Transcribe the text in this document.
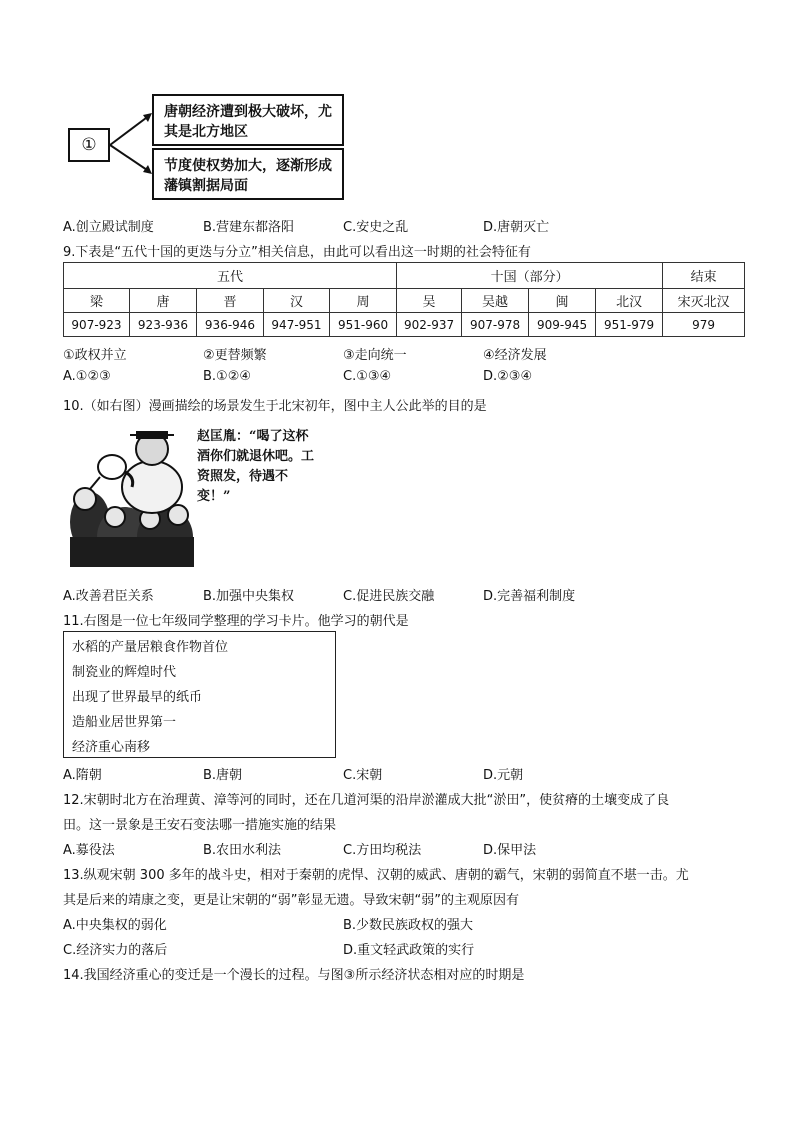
①
唐朝经济遭到极大破坏，尤其是北方地区
节度使权势加大，逐渐形成藩镇割据局面
A.创立殿试制度	B.营建东都洛阳	C.安史之乱	D.唐朝灭亡
9.下表是“五代十国的更迭与分立”相关信息，由此可以看出这一时期的社会特征有
五代					十国（部分）				结束
梁	唐	晋	汉	周	吴	吴越	闽	北汉	宋灭北汉
907-923	923-936	936-946	947-951	951-960	902-937	907-978	909-945	951-979	979
①政权并立	②更替频繁	③走向统一	④经济发展
A.①②③	B.①②④	C.①③④	D.②③④
10.（如右图）漫画描绘的场景发生于北宋初年，图中主人公此举的目的是
赵匡胤：“喝了这杯酒你们就退休吧。工资照发，待遇不变！”
A.改善君臣关系	B.加强中央集权	C.促进民族交融	D.完善福利制度
11.右图是一位七年级同学整理的学习卡片。他学习的朝代是
水稻的产量居粮食作物首位
制瓷业的辉煌时代
出现了世界最早的纸币
造船业居世界第一
经济重心南移
A.隋朝	B.唐朝	C.宋朝	D.元朝
12.宋朝时北方在治理黄、漳等河的同时，还在几道河渠的沿岸淤灌成大批“淤田”，使贫瘠的土壤变成了良
田。这一景象是王安石变法哪一措施实施的结果
A.募役法	B.农田水利法	C.方田均税法	D.保甲法
13.纵观宋朝 300 多年的战斗史，相对于秦朝的虎悍、汉朝的威武、唐朝的霸气，宋朝的弱简直不堪一击。尤
其是后来的靖康之变，更是让宋朝的“弱”彰显无遗。导致宋朝“弱”的主观原因有
A.中央集权的弱化	B.少数民族政权的强大
C.经济实力的落后	D.重文轻武政策的实行
14.我国经济重心的变迁是一个漫长的过程。与图③所示经济状态相对应的时期是
